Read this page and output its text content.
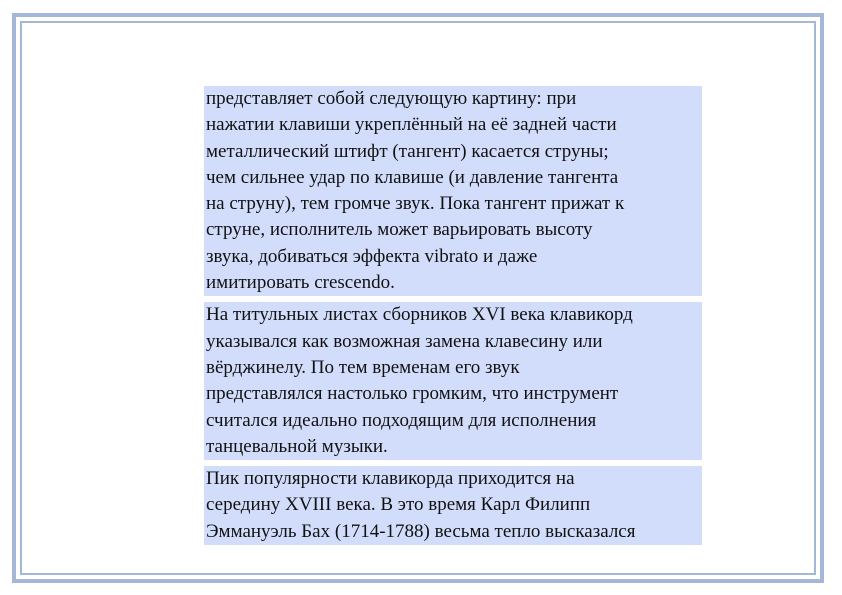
представляет собой следующую картину: при
нажатии клавиши укреплённый на её задней части
металлический штифт (тангент) касается струны;
чем сильнее удар по клавише (и давление тангента
на струну), тем громче звук. Пока тангент прижат к
струне, исполнитель может варьировать высоту
звука, добиваться эффекта vibrato и даже
имитировать crescendo.
На титульных листах сборников XVI века клавикорд
указывался как возможная замена клавесину или
вёрджинелу. По тем временам его звук
представлялся настолько громким, что инструмент
считался идеально подходящим для исполнения
танцевальной музыки.
Пик популярности клавикорда приходится на
середину XVIII века. В это время Карл Филипп
Эммануэль Бах (1714-1788) весьма тепло высказался
